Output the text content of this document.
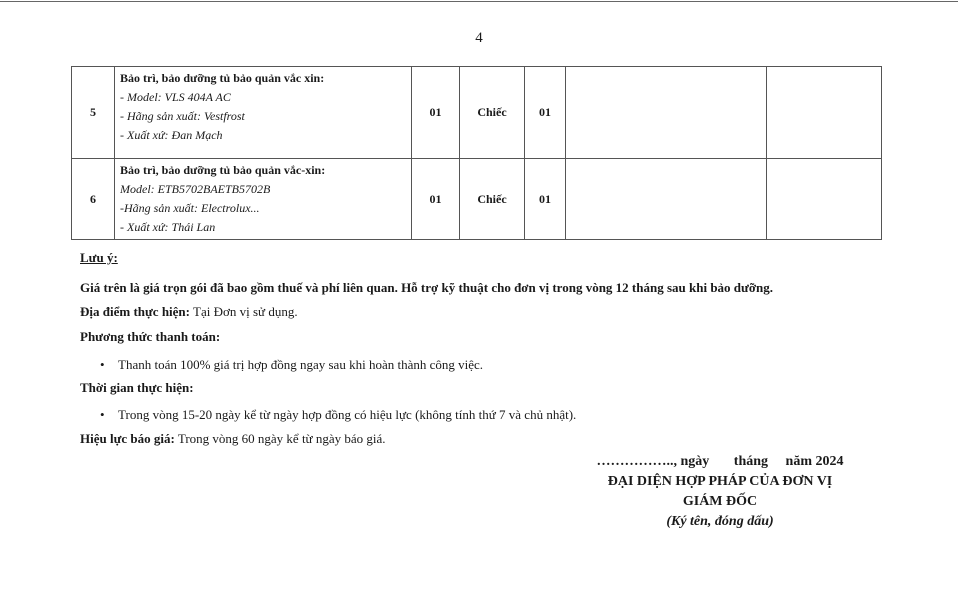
4
5	Bảo trì, bảo dưỡng tủ bảo quản vắc xin:
- Model: VLS 404A AC
- Hãng sản xuất: Vestfrost
- Xuất xứ: Đan Mạch	01	Chiếc	01		
6	Bảo trì, bảo dưỡng tủ bảo quản vắc-xin:
Model: ETB5702BAETB5702B
-Hãng sản xuất: Electrolux...
- Xuất xứ: Thái Lan	01	Chiếc	01		
Lưu ý:
Giá trên là giá trọn gói đã bao gồm thuế và phí liên quan. Hỗ trợ kỹ thuật cho đơn vị trong vòng 12 tháng sau khi bảo dưỡng.
Địa điểm thực hiện: Tại Đơn vị sử dụng.
Phương thức thanh toán:
• Thanh toán 100% giá trị hợp đồng ngay sau khi hoàn thành công việc.
Thời gian thực hiện:
• Trong vòng 15-20 ngày kể từ ngày hợp đồng có hiệu lực (không tính thứ 7 và chủ nhật).
Hiệu lực báo giá: Trong vòng 60 ngày kể từ ngày báo giá.
…………….., ngày       tháng     năm 2024
ĐẠI DIỆN HỢP PHÁP CỦA ĐƠN VỊ
GIÁM ĐỐC
(Ký tên, đóng dấu)
